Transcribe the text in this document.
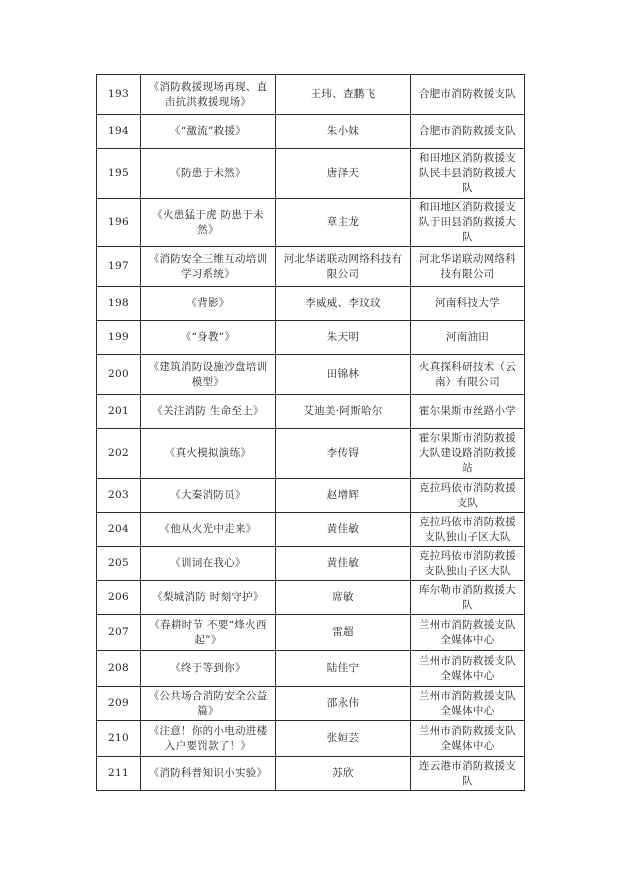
193	《消防救援现场再现、直击抗洪救援现场》	王玮、查鹏飞	合肥市消防救援支队
194	《“激流”救援》	朱小妹	合肥市消防救援支队
195	《防患于未然》	唐泽天	和田地区消防救援支队民丰县消防救援大队
196	《火患猛于虎 防患于未然》	章主龙	和田地区消防救援支队于田县消防救援大队
197	《消防安全三维互动培训学习系统》	河北华诺联动网络科技有限公司	河北华诺联动网络科技有限公司
198	《背影》	李威威、李玟玟	河南科技大学
199	《“身教”》	朱天明	河南油田
200	《建筑消防设施沙盘培训模型》	田锦林	火真探科研技术（云南）有限公司
201	《关注消防 生命至上》	艾迪美·阿斯哈尔	霍尔果斯市丝路小学
202	《真火模拟演练》	李传锝	霍尔果斯市消防救援大队建设路消防救援站
203	《大秦消防员》	赵增辉	克拉玛依市消防救援支队
204	《他从火光中走来》	黄佳敏	克拉玛依市消防救援支队独山子区大队
205	《训词在我心》	黄佳敏	克拉玛依市消防救援支队独山子区大队
206	《梨城消防 时刻守护》	席敏	库尔勒市消防救援大队
207	《春耕时节 不要“烽火西起”》	雷超	兰州市消防救援支队全媒体中心
208	《终于等到你》	陆佳宁	兰州市消防救援支队全媒体中心
209	《公共场合消防安全公益篇》	邵永伟	兰州市消防救援支队全媒体中心
210	《注意！你的小电动进楼入户要罚款了！》	张姮芸	兰州市消防救援支队全媒体中心
211	《消防科普知识小实验》	苏欣	连云港市消防救援支队
